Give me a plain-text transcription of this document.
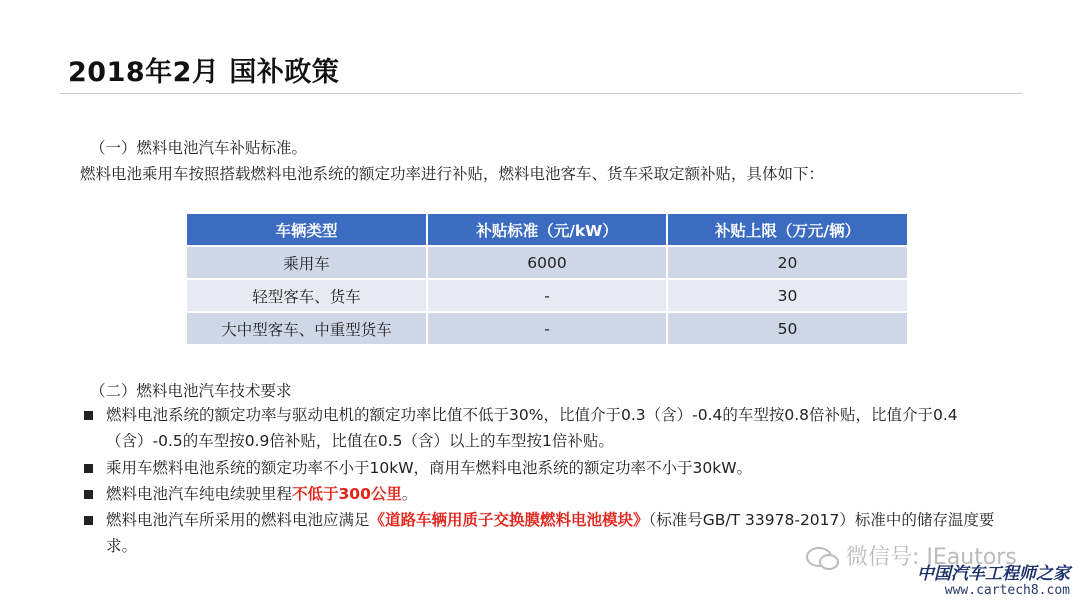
2018年2月 国补政策
（一）燃料电池汽车补贴标准。
燃料电池乘用车按照搭载燃料电池系统的额定功率进行补贴，燃料电池客车、货车采取定额补贴，具体如下：
车辆类型	补贴标准（元/kW）	补贴上限（万元/辆）
乘用车	6000	20
轻型客车、货车	-	30
大中型客车、中重型货车	-	50
（二）燃料电池汽车技术要求
燃料电池系统的额定功率与驱动电机的额定功率比值不低于30%，比值介于0.3（含）-0.4的车型按0.8倍补贴，比值介于0.4（含）-0.5的车型按0.9倍补贴，比值在0.5（含）以上的车型按1倍补贴。
乘用车燃料电池系统的额定功率不小于10kW，商用车燃料电池系统的额定功率不小于30kW。
燃料电池汽车纯电续驶里程不低于300公里。
燃料电池汽车所采用的燃料电池应满足《道路车辆用质子交换膜燃料电池模块》（标准号GB/T 33978-2017）标准中的储存温度要求。	微信号: IEautors
中国汽车工程师之家
www.cartech8.com
